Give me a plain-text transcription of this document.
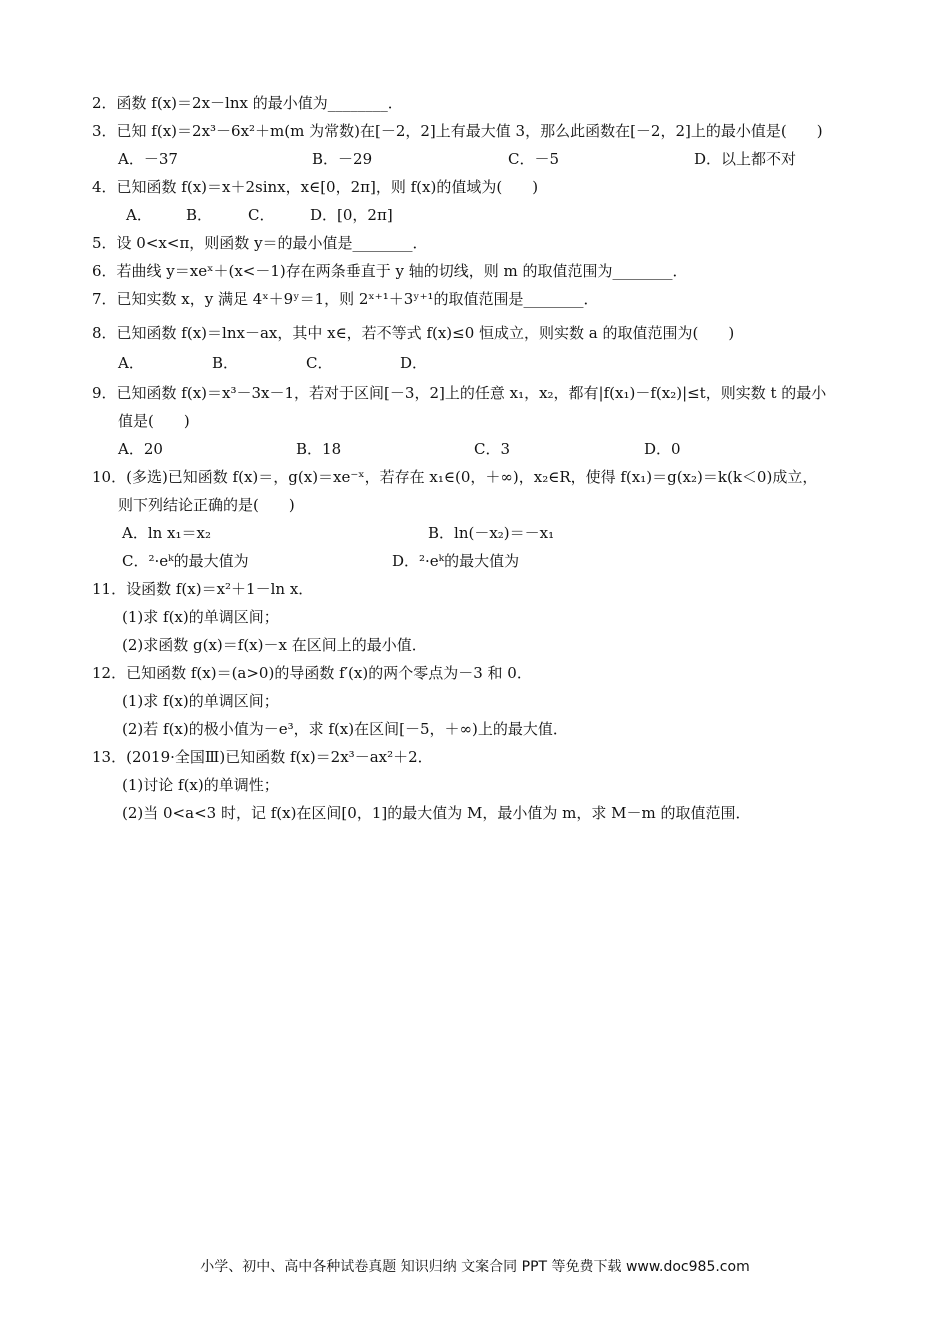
2．函数 f(x)＝2x－lnx 的最小值为________．
3．已知 f(x)＝2x³－6x²＋m(m 为常数)在[－2，2]上有最大值 3，那么此函数在[－2，2]上的最小值是(　　)
A．－37	B．－29	C．－5	D．以上都不对
4．已知函数 f(x)＝x＋2sinx，x∈[0，2π]，则 f(x)的值域为(　　)
A． B． C． D．[0，2π]
5．设 0<x<π，则函数 y＝的最小值是________．
6．若曲线 y＝xeˣ＋(x<－1)存在两条垂直于 y 轴的切线，则 m 的取值范围为________．
7．已知实数 x，y 满足 4ˣ＋9ʸ＝1，则 2ˣ⁺¹＋3ʸ⁺¹的取值范围是________．
8．已知函数 f(x)＝lnx－ax，其中 x∈，若不等式 f(x)≤0 恒成立，则实数 a 的取值范围为(　　)
A．	B．	C．	D．
9．已知函数 f(x)＝x³－3x－1，若对于区间[－3，2]上的任意 x₁，x₂，都有|f(x₁)－f(x₂)|≤t，则实数 t 的最小
值是(　　)
A．20	B．18	C．3	D．0
10．(多选)已知函数 f(x)＝，g(x)＝xe⁻ˣ，若存在 x₁∈(0，＋∞)，x₂∈R，使得 f(x₁)＝g(x₂)＝k(k＜0)成立，
则下列结论正确的是(　　)
A．ln x₁＝x₂	B．ln(－x₂)＝－x₁
C．²·eᵏ的最大值为	D．²·eᵏ的最大值为
11．设函数 f(x)＝x²＋1－ln x．
(1)求 f(x)的单调区间；
(2)求函数 g(x)＝f(x)－x 在区间上的最小值．
12．已知函数 f(x)＝(a>0)的导函数 f′(x)的两个零点为－3 和 0．
(1)求 f(x)的单调区间；
(2)若 f(x)的极小值为－e³，求 f(x)在区间[－5，＋∞)上的最大值．
13．(2019·全国Ⅲ)已知函数 f(x)＝2x³－ax²＋2．
(1)讨论 f(x)的单调性；
(2)当 0<a<3 时，记 f(x)在区间[0，1]的最大值为 M，最小值为 m，求 M－m 的取值范围．
小学、初中、高中各种试卷真题 知识归纳 文案合同 PPT 等免费下载 www.doc985.com
